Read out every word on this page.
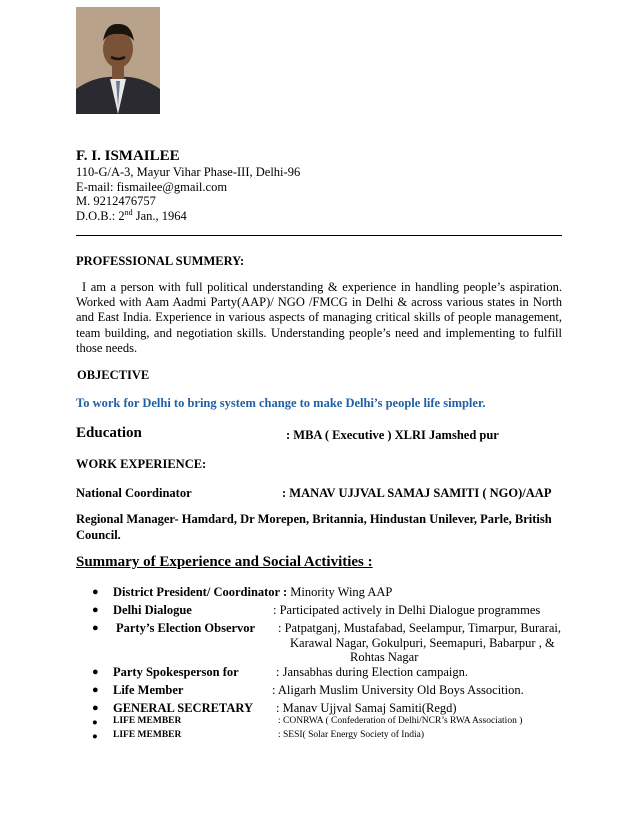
F. I. ISMAILEE
110-G/A-3, Mayur Vihar Phase-III, Delhi-96
E-mail: fismailee@gmail.com
M. 9212476757
D.O.B.: 2nd Jan., 1964
PROFESSIONAL SUMMERY:
I am a person with full political understanding & experience in handling people’s aspiration. Worked with Aam Aadmi Party(AAP)/ NGO /FMCG in Delhi & across various states in North and East India. Experience in various aspects of managing critical skills of people management, team building, and negotiation skills. Understanding people’s need and implementing to fulfill those needs.
OBJECTIVE
To work for Delhi to bring system change to make Delhi’s people life simpler.
Education	: MBA ( Executive ) XLRI Jamshed pur
WORK EXPERIENCE:
National Coordinator	: MANAV UJJVAL SAMAJ SAMITI ( NGO)/AAP
Regional Manager- Hamdard, Dr Morepen, Britannia, Hindustan Unilever, Parle, British Council.
Summary of Experience and Social Activities :
● District President/ Coordinator : Minority Wing AAP
● Delhi Dialogue	: Participated actively in Delhi Dialogue programmes
● Party’s Election Observor : Patpatganj, Mustafabad, Seelampur, Timarpur, Burarai,
Karawal Nagar, Gokulpuri, Seemapuri, Babarpur , &
Rohtas Nagar
● Party Spokesperson for	: Jansabhas during Election campaign.
● Life Member	: Aligarh Muslim University Old Boys Assocition.
● GENERAL SECRETARY : Manav Ujjval Samaj Samiti(Regd)
● LIFE MEMBER	: CONRWA ( Confederation of Delhi/NCR’s RWA Association )
● LIFE MEMBER	: SESI( Solar Energy Society of India)
